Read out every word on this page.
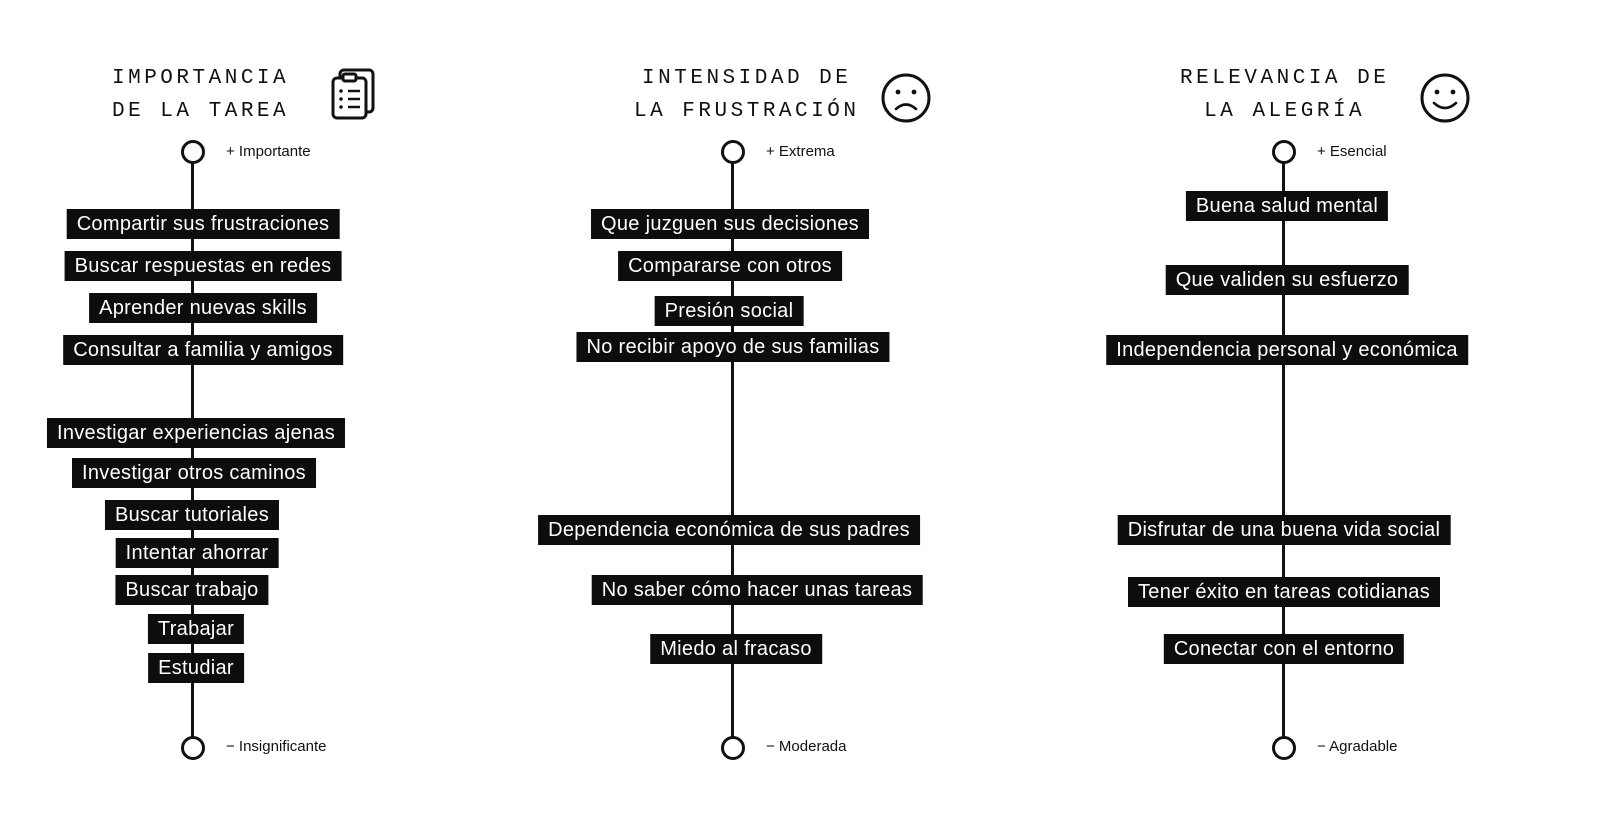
IMPORTANCIA
DE LA TAREA
+ Importante
− Insignificante
Compartir sus frustraciones
Buscar respuestas en redes
Aprender nuevas skills
Consultar a familia y amigos
Investigar experiencias ajenas
Investigar otros caminos
Buscar tutoriales
Intentar ahorrar
Buscar trabajo
Trabajar
Estudiar
INTENSIDAD DE
LA FRUSTRACIÓN
+ Extrema
− Moderada
Que juzguen sus decisiones
Compararse con otros
Presión social
No recibir apoyo de sus familias
Dependencia económica de sus padres
No saber cómo hacer unas tareas
Miedo al fracaso
RELEVANCIA DE
LA ALEGRÍA
+ Esencial
− Agradable
Buena salud mental
Que validen su esfuerzo
Independencia personal y económica
Disfrutar de una buena vida social
Tener éxito en tareas cotidianas
Conectar con el entorno
